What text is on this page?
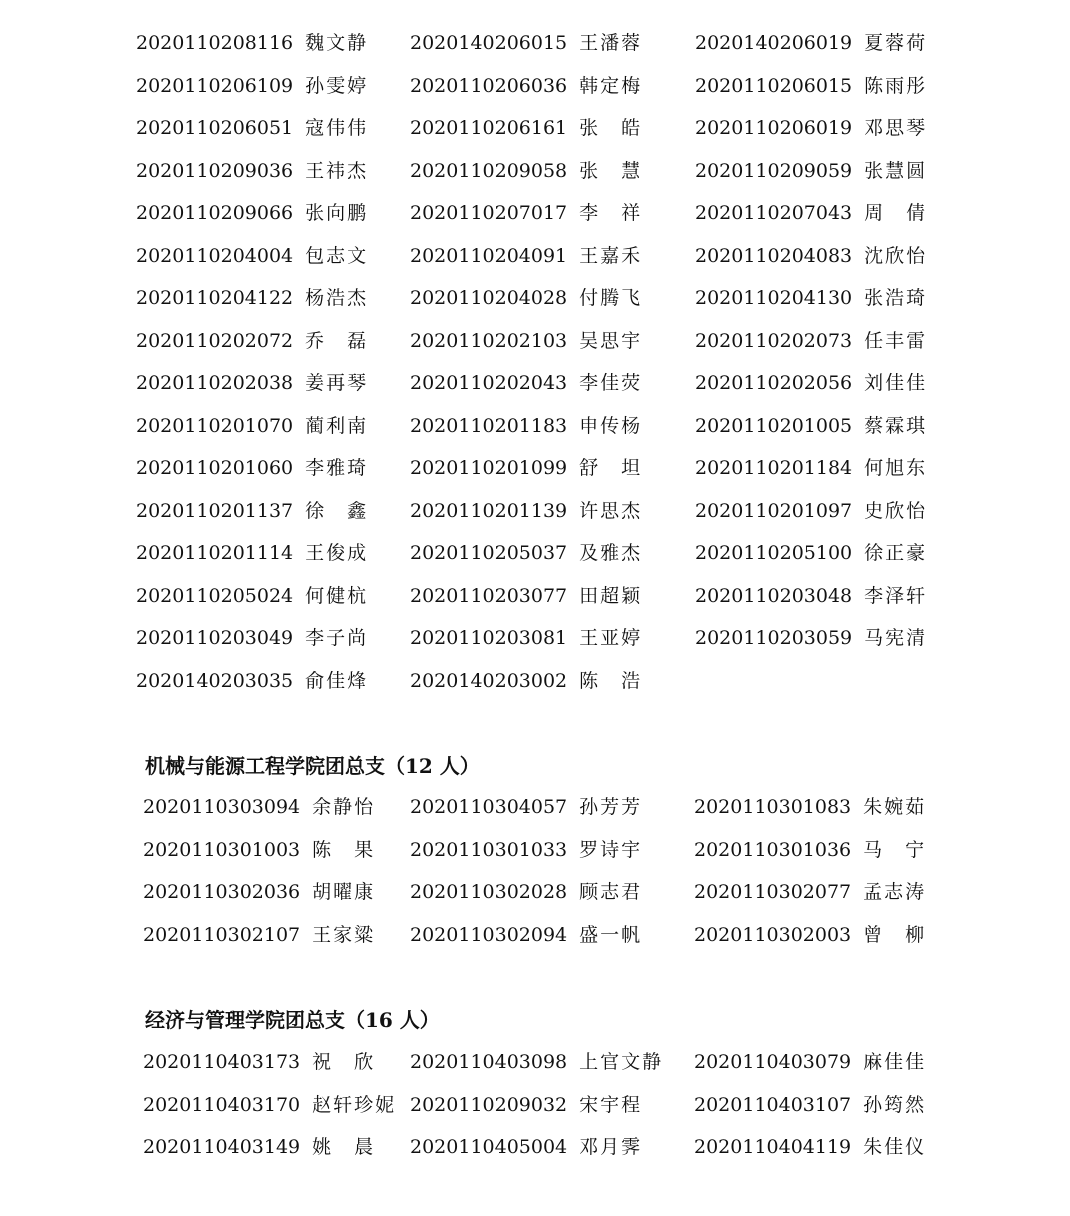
2020110208116 魏文静 2020140206015 王潘蓉	2020140206019 夏蓉荷
2020110206109 孙雯婷 2020110206036 韩定梅	2020110206015 陈雨彤
2020110206051 寇伟伟 2020110206161 张　皓	2020110206019 邓思琴
2020110209036 王祎杰 2020110209058 张　慧	2020110209059 张慧圆
2020110209066 张向鹏 2020110207017 李　祥	2020110207043 周　倩
2020110204004 包志文 2020110204091 王嘉禾	2020110204083 沈欣怡
2020110204122 杨浩杰 2020110204028 付腾飞	2020110204130 张浩琦
2020110202072 乔　磊 2020110202103 吴思宇	2020110202073 任丰雷
2020110202038 姜再琴 2020110202043 李佳荧	2020110202056 刘佳佳
2020110201070 蔺利南 2020110201183 申传杨	2020110201005 蔡霖琪
2020110201060 李雅琦 2020110201099 舒　坦	2020110201184 何旭东
2020110201137 徐　鑫 2020110201139 许思杰	2020110201097 史欣怡
2020110201114 王俊成 2020110205037 及雅杰	2020110205100 徐正豪
2020110205024 何健杭 2020110203077 田超颖	2020110203048 李泽轩
2020110203049 李子尚 2020110203081 王亚婷	2020110203059 马宪清
2020140203035 俞佳烽 2020140203002 陈　浩
机械与能源工程学院团总支（12 人）
2020110303094 余静怡 2020110304057 孙芳芳	2020110301083 朱婉茹
2020110301003 陈　果 2020110301033 罗诗宇	2020110301036 马　宁
2020110302036 胡曜康 2020110302028 顾志君	2020110302077 孟志涛
2020110302107 王家粱 2020110302094 盛一帆	2020110302003 曾　柳
经济与管理学院团总支（16 人）
2020110403173 祝　欣 2020110403098 上官文静 2020110403079 麻佳佳
2020110403170 赵轩珍妮 2020110209032 宋宇程	2020110403107 孙筠然
2020110403149 姚　晨 2020110405004 邓月霁	2020110404119 朱佳仪
